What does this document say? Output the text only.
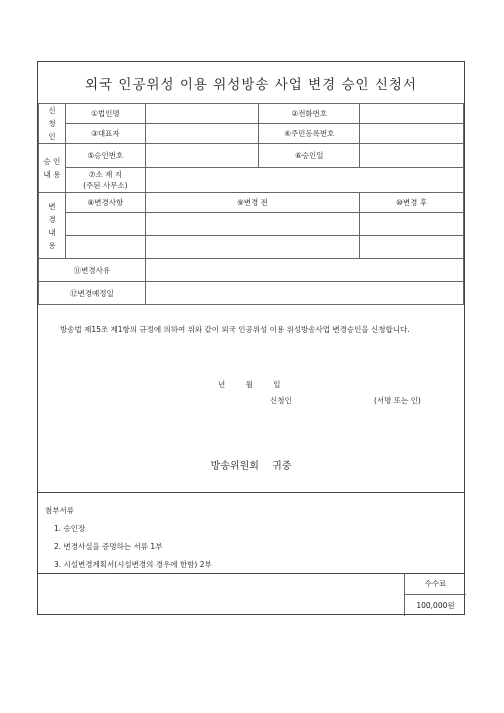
외국 인공위성 이용 위성방송 사업 변경 승인 신청서
신
청
인	①법인명		②전화번호	
	③대표자		④주민등록번호	
승 인
내 용	⑤승인번호		⑥승인일	

	⑦소 재 지
(주된 사무소)			

변
경
내
용	⑧변경사항	⑨변경 전		⑩변경 후

⑪변경사유				
⑫변경예정일				
방송법 제15조 제1항의 규정에 의하여 위와 같이 외국 인공위성 이용 위성방송사업 변경승인을 신청합니다.
년 월 일
신청인	(서명 또는 인)
방송위원회 귀중
첨부서류
1. 승인장
2. 변경사실을 증명하는 서류 1부
3. 시설변경계획서(시설변경의 경우에 한함) 2부
수수료
100,000원
